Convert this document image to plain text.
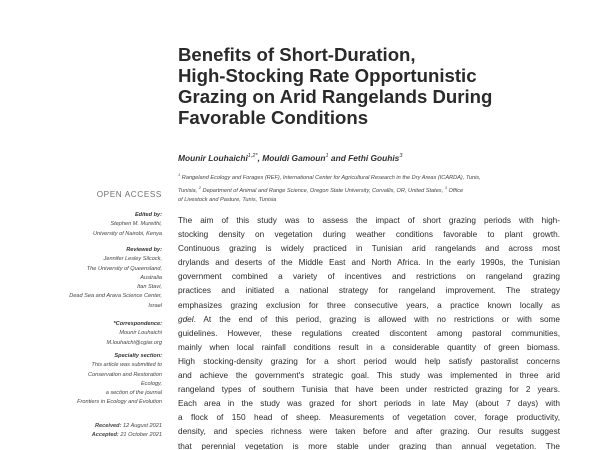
Benefits of Short-Duration,
High-Stocking Rate Opportunistic
Grazing on Arid Rangelands During
Favorable Conditions
Mounir Louhaichi$^{1,2*}$, Mouldi Gamoun$^1$ and Fethi Gouhis$^3$
$^1$ Rangeland Ecology and Forages (REF), International Center for Agricultural Research in the Dry Areas (ICARDA), Tunis,
Tunisia, $^2$ Department of Animal and Range Science, Oregon State University, Corvallis, OR, United States, $^3$ Office
of Livestock and Pasture, Tunis, Tunisia
OPEN ACCESS
Edited by:
Stephen M. Mureithi,
University of Nairobi, Kenya
Reviewed by:
Jennifer Lesley Silcock,
The University of Queensland,
Australia
Itan Stavi,
Dead Sea and Arava Science Center,
Israel
*Correspondence:
Mounir Louhaichi
M.louhaichi@cgiar.org
Specialty section:
This article was submitted to
Conservation and Restoration
Ecology,
a section of the journal
Frontiers in Ecology and Evolution
Received: 12 August 2021
Accepted: 21 October 2021
The aim of this study was to assess the impact of short grazing periods with high-
stocking density on vegetation during weather conditions favorable to plant growth.
Continuous grazing is widely practiced in Tunisian arid rangelands and across most
drylands and deserts of the Middle East and North Africa. In the early 1990s, the Tunisian
government combined a variety of incentives and restrictions on rangeland grazing
practices and initiated a national strategy for rangeland improvement. The strategy
emphasizes grazing exclusion for three consecutive years, a practice known locally as
gdel. At the end of this period, grazing is allowed with no restrictions or with some
guidelines. However, these regulations created discontent among pastoral communities,
mainly when local rainfall conditions result in a considerable quantity of green biomass.
High stocking-density grazing for a short period would help satisfy pastoralist concerns
and achieve the government's strategic goal. This study was implemented in three arid
rangeland types of southern Tunisia that have been under restricted grazing for 2 years.
Each area in the study was grazed for short periods in late May (about 7 days) with
a flock of 150 head of sheep. Measurements of vegetation cover, forage productivity,
density, and species richness were taken before and after grazing. Our results suggest
that perennial vegetation is more stable under grazing than annual vegetation. The
